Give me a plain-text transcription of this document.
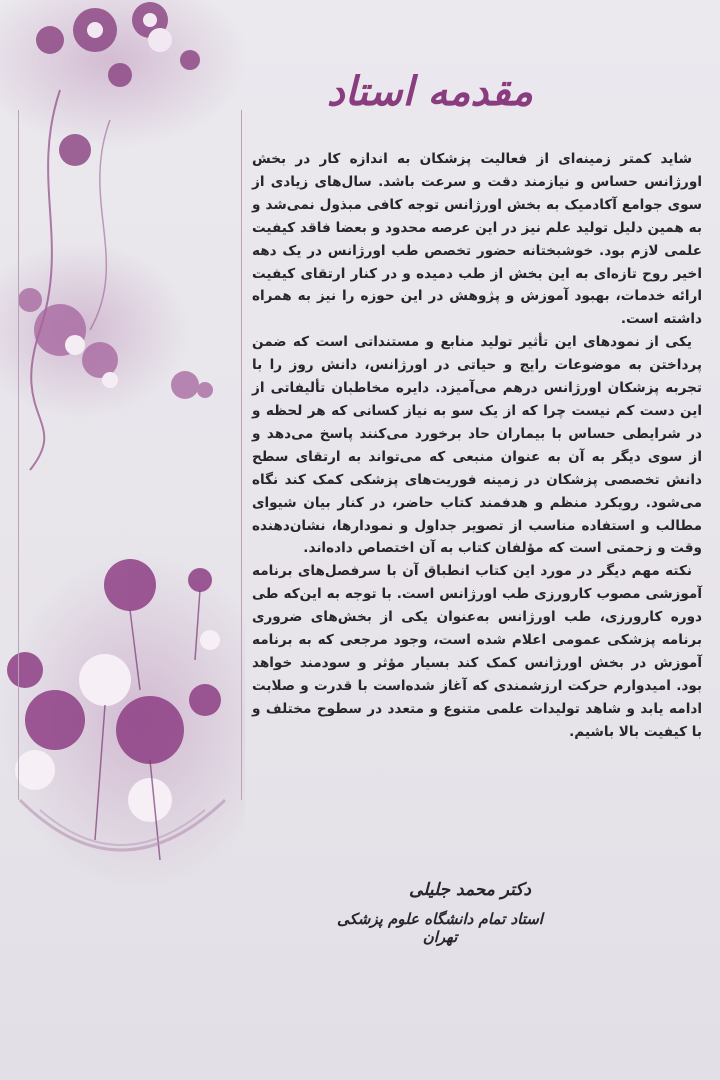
مقدمه استاد

شاید کمتر زمینه‌ای از فعالیت پزشکان به اندازه کار در بخش اورژانس حساس و نیازمند دقت و سرعت باشد. سال‌های زیادی از سوی جوامع آکادمیک به بخش اورژانس توجه کافی مبذول نمی‌شد و به همین دلیل تولید علم نیز در این عرصه محدود و بعضا فاقد کیفیت علمی لازم بود. خوشبختانه حضور تخصص طب اورژانس در یک دهه اخیر روح تازه‌ای به این بخش از طب دمیده و در کنار ارتقای کیفیت ارائه خدمات، بهبود آموزش و پژوهش در این حوزه را نیز به همراه داشته است.

یکی از نمودهای این تأثیر تولید منابع و مستنداتی است که ضمن پرداختن به موضوعات رایج و حیاتی در اورژانس، دانش روز را با تجربه پزشکان اورژانس درهم می‌آمیزد. دایره مخاطبان تألیفاتی از این دست کم نیست چرا که از یک سو به نیاز کسانی که هر لحظه و در شرایطی حساس با بیماران حاد برخورد می‌کنند پاسخ می‌دهد و از سوی دیگر به آن به عنوان منبعی که می‌تواند به ارتقای سطح دانش تخصصی پزشکان در زمینه فوریت‌های پزشکی کمک کند نگاه می‌شود. رویکرد منظم و هدفمند کتاب حاضر، در کنار بیان شیوای مطالب و استفاده مناسب از تصویر جداول و نمودارها، نشان‌دهنده وقت و زحمتی است که مؤلفان کتاب به آن اختصاص داده‌اند.

نکته مهم دیگر در مورد این کتاب انطباق آن با سرفصل‌های برنامه آموزشی مصوب کارورزی طب اورژانس است. با توجه به این‌که طی دوره کارورزی، طب اورژانس به‌عنوان یکی از بخش‌های ضروری برنامه پزشکی عمومی اعلام شده است، وجود مرجعی که به برنامه آموزش در بخش اورژانس کمک کند بسیار مؤثر و سودمند خواهد بود. امیدوارم حرکت ارزشمندی که آغاز شده‌است با قدرت و صلابت ادامه یابد و شاهد تولیدات علمی متنوع و متعدد در سطوح مختلف و با کیفیت بالا باشیم.

دکتر محمد جلیلی
استاد تمام دانشگاه علوم پزشکی تهران
